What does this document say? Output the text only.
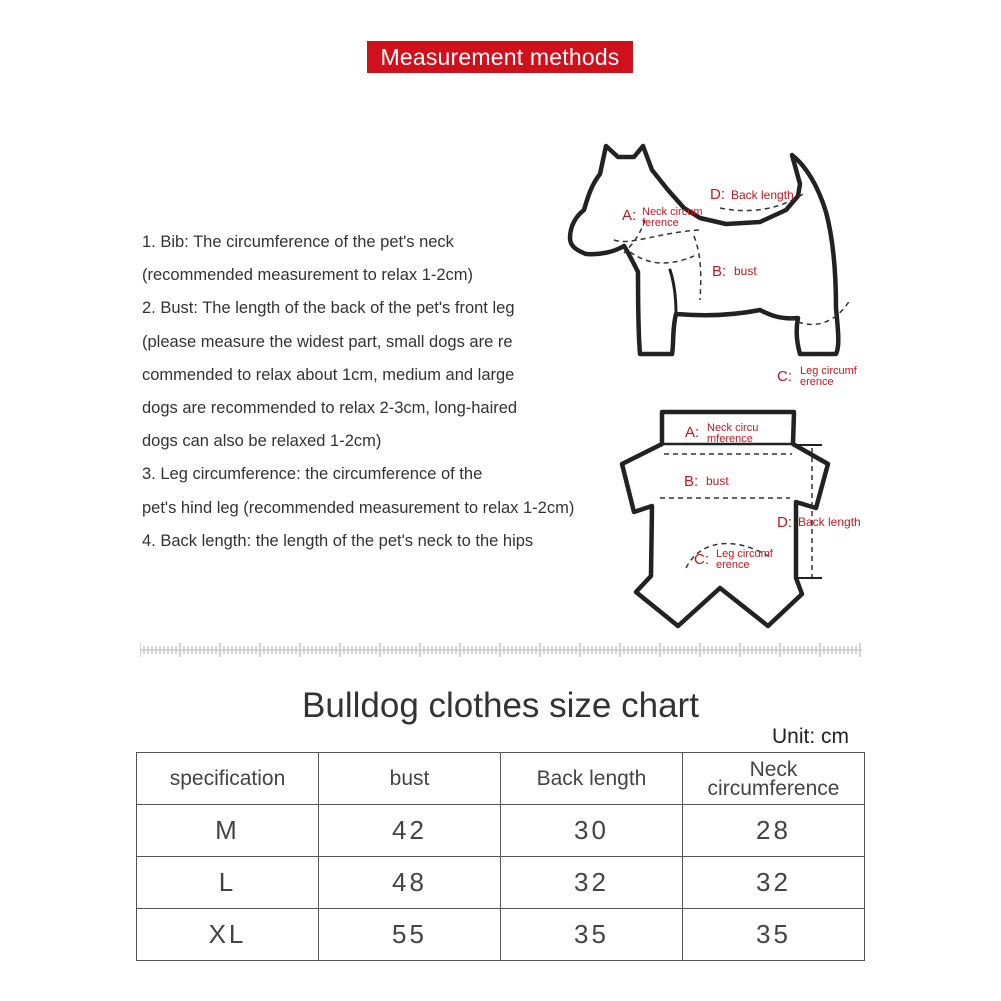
Measurement methods
1. Bib: The circumference of the pet's neck
(recommended measurement to relax 1-2cm)
2. Bust: The length of the back of the pet's front leg
(please measure the widest part, small dogs are re
commended to relax about 1cm, medium and large
dogs are recommended to relax 2-3cm, long-haired
dogs can also be relaxed 1-2cm)
3. Leg circumference: the circumference of the
pet's hind leg (recommended measurement to relax 1-2cm)
4. Back length: the length of the pet's neck to the hips
A: Neck circum
ference
D: Back length
B: bust
C: Leg circumf
erence
A: Neck circu
mference
B: bust
C: Leg circumf
erence
D: Back length
Bulldog clothes size chart
Unit: cm
specification	bust	Back length	Neck
circumference
M	42	30	28
L	48	32	32
XL	55	35	35
